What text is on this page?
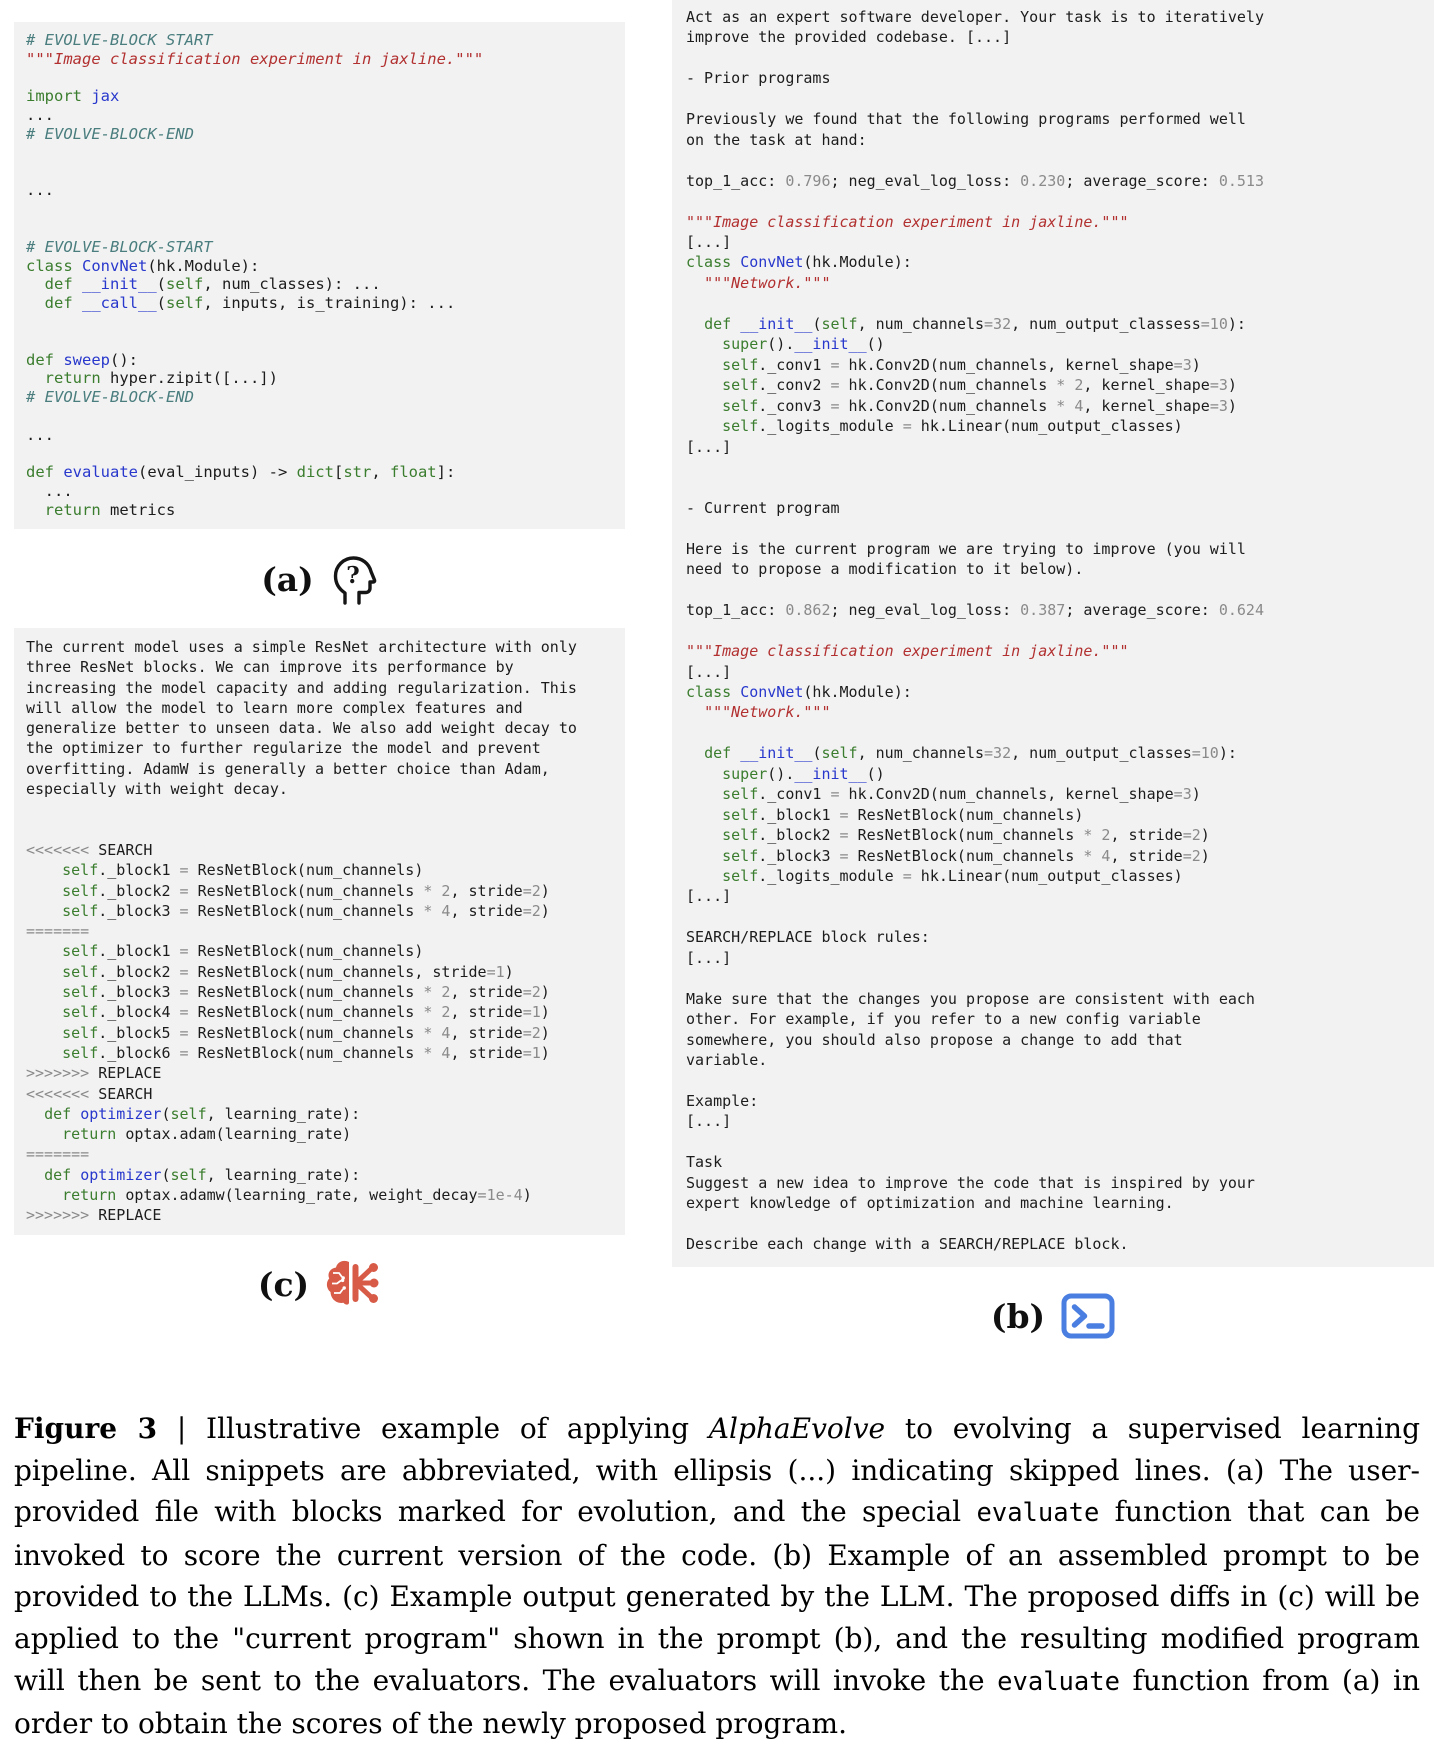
# EVOLVE-BLOCK START
"""Image classification experiment in jaxline."""

import jax
...
# EVOLVE-BLOCK-END

...

# EVOLVE-BLOCK-START
class ConvNet(hk.Module):
def __init__(self, num_classes): ...
def __call__(self, inputs, is_training): ...

def sweep():
return hyper.zipit([...])
# EVOLVE-BLOCK-END

...

def evaluate(eval_inputs) -> dict[str, float]:
...
return metrics
(a) ?
The current model uses a simple ResNet architecture with only
three ResNet blocks. We can improve its performance by
increasing the model capacity and adding regularization. This
will allow the model to learn more complex features and
generalize better to unseen data. We also add weight decay to
the optimizer to further regularize the model and prevent
overfitting. AdamW is generally a better choice than Adam,
especially with weight decay.

<<<<<<< SEARCH
self._block1 = ResNetBlock(num_channels)
self._block2 = ResNetBlock(num_channels * 2, stride=2)
self._block3 = ResNetBlock(num_channels * 4, stride=2)
=======
self._block1 = ResNetBlock(num_channels)
self._block2 = ResNetBlock(num_channels, stride=1)
self._block3 = ResNetBlock(num_channels * 2, stride=2)
self._block4 = ResNetBlock(num_channels * 2, stride=1)
self._block5 = ResNetBlock(num_channels * 4, stride=2)
self._block6 = ResNetBlock(num_channels * 4, stride=1)
>>>>>>> REPLACE
<<<<<<< SEARCH
def optimizer(self, learning_rate):
return optax.adam(learning_rate)
=======
def optimizer(self, learning_rate):
return optax.adamw(learning_rate, weight_decay=1e-4)
>>>>>>> REPLACE
(c)
Act as an expert software developer. Your task is to iteratively
improve the provided codebase. [...]

- Prior programs

Previously we found that the following programs performed well
on the task at hand:

top_1_acc: 0.796; neg_eval_log_loss: 0.230; average_score: 0.513

"""Image classification experiment in jaxline."""
[...]
class ConvNet(hk.Module):
"""Network."""

def __init__(self, num_channels=32, num_output_classess=10):
super().__init__()
self._conv1 = hk.Conv2D(num_channels, kernel_shape=3)
self._conv2 = hk.Conv2D(num_channels * 2, kernel_shape=3)
self._conv3 = hk.Conv2D(num_channels * 4, kernel_shape=3)
self._logits_module = hk.Linear(num_output_classes)
[...]

- Current program

Here is the current program we are trying to improve (you will
need to propose a modification to it below).

top_1_acc: 0.862; neg_eval_log_loss: 0.387; average_score: 0.624

"""Image classification experiment in jaxline."""
[...]
class ConvNet(hk.Module):
"""Network."""

def __init__(self, num_channels=32, num_output_classes=10):
super().__init__()
self._conv1 = hk.Conv2D(num_channels, kernel_shape=3)
self._block1 = ResNetBlock(num_channels)
self._block2 = ResNetBlock(num_channels * 2, stride=2)
self._block3 = ResNetBlock(num_channels * 4, stride=2)
self._logits_module = hk.Linear(num_output_classes)
[...]

SEARCH/REPLACE block rules:
[...]

Make sure that the changes you propose are consistent with each
other. For example, if you refer to a new config variable
somewhere, you should also propose a change to add that
variable.

Example:
[...]

Task
Suggest a new idea to improve the code that is inspired by your
expert knowledge of optimization and machine learning.

Describe each change with a SEARCH/REPLACE block.
(b)

Figure 3 | Illustrative example of applying AlphaEvolve to evolving a supervised learning pipeline. All snippets are abbreviated, with ellipsis (...) indicating skipped lines. (a) The user-provided file with blocks marked for evolution, and the special evaluate function that can be invoked to score the current version of the code. (b) Example of an assembled prompt to be provided to the LLMs. (c) Example output generated by the LLM. The proposed diffs in (c) will be applied to the "current program" shown in the prompt (b), and the resulting modified program will then be sent to the evaluators. The evaluators will invoke the evaluate function from (a) in order to obtain the scores of the newly proposed program.
